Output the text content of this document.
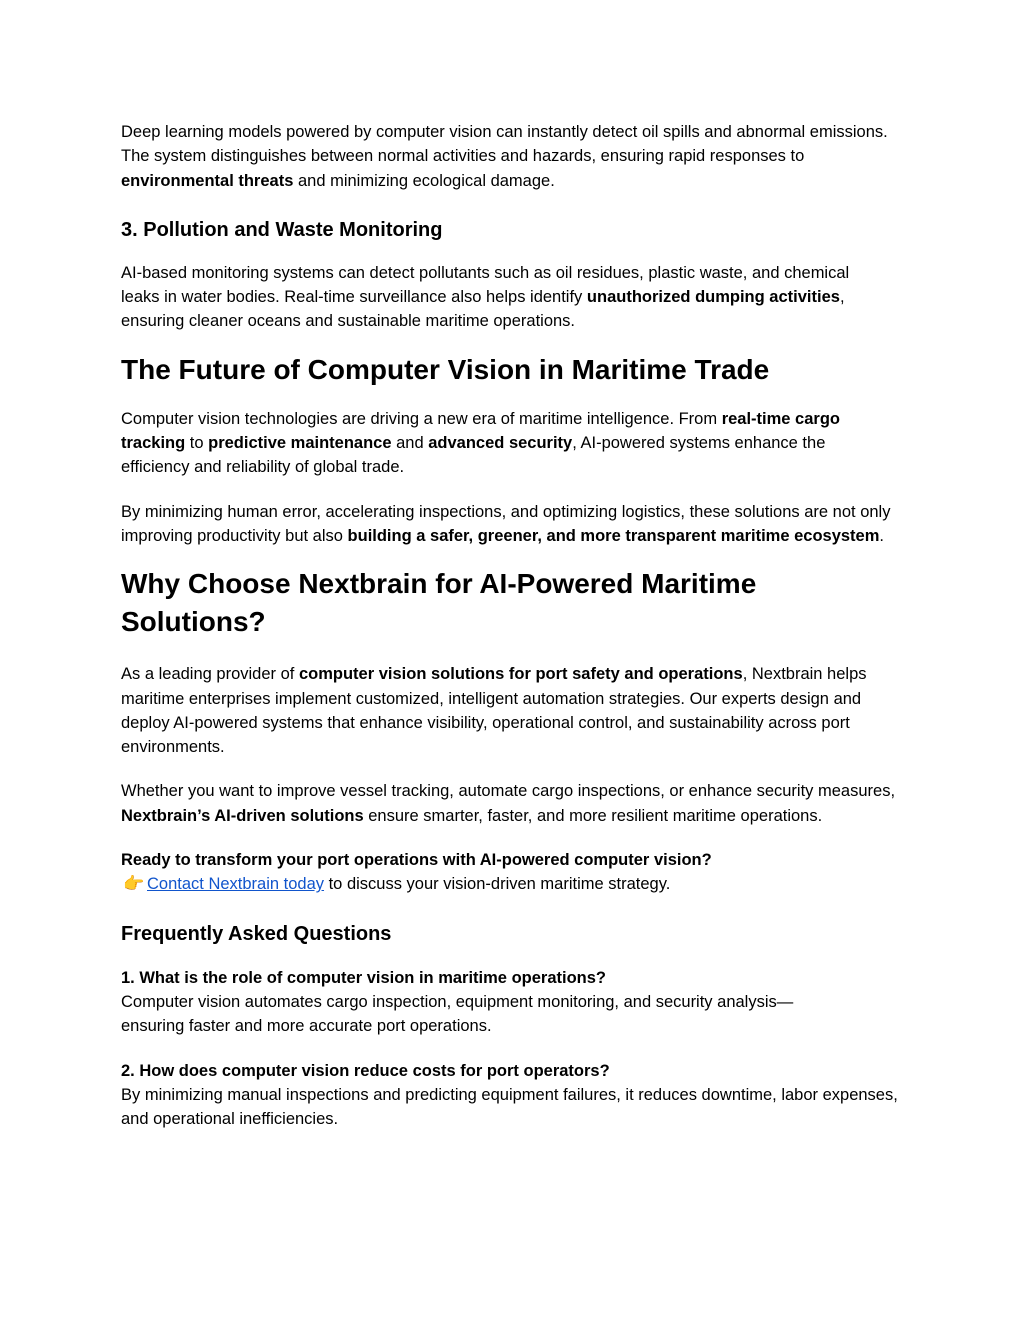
Deep learning models powered by computer vision can instantly detect oil spills and abnormal emissions. The system distinguishes between normal activities and hazards, ensuring rapid responses to environmental threats and minimizing ecological damage.

3. Pollution and Waste Monitoring

AI-based monitoring systems can detect pollutants such as oil residues, plastic waste, and chemical leaks in water bodies. Real-time surveillance also helps identify unauthorized dumping activities, ensuring cleaner oceans and sustainable maritime operations.

The Future of Computer Vision in Maritime Trade

Computer vision technologies are driving a new era of maritime intelligence. From real-time cargo tracking to predictive maintenance and advanced security, AI-powered systems enhance the efficiency and reliability of global trade.

By minimizing human error, accelerating inspections, and optimizing logistics, these solutions are not only improving productivity but also building a safer, greener, and more transparent maritime ecosystem.

Why Choose Nextbrain for AI-Powered Maritime Solutions?

As a leading provider of computer vision solutions for port safety and operations, Nextbrain helps maritime enterprises implement customized, intelligent automation strategies. Our experts design and deploy AI-powered systems that enhance visibility, operational control, and sustainability across port environments.

Whether you want to improve vessel tracking, automate cargo inspections, or enhance security measures, Nextbrain’s AI-driven solutions ensure smarter, faster, and more resilient maritime operations.

Ready to transform your port operations with AI-powered computer vision?
👉 Contact Nextbrain today to discuss your vision-driven maritime strategy.

Frequently Asked Questions

1. What is the role of computer vision in maritime operations?
Computer vision automates cargo inspection, equipment monitoring, and security analysis—ensuring faster and more accurate port operations.

2. How does computer vision reduce costs for port operators?
By minimizing manual inspections and predicting equipment failures, it reduces downtime, labor expenses, and operational inefficiencies.
